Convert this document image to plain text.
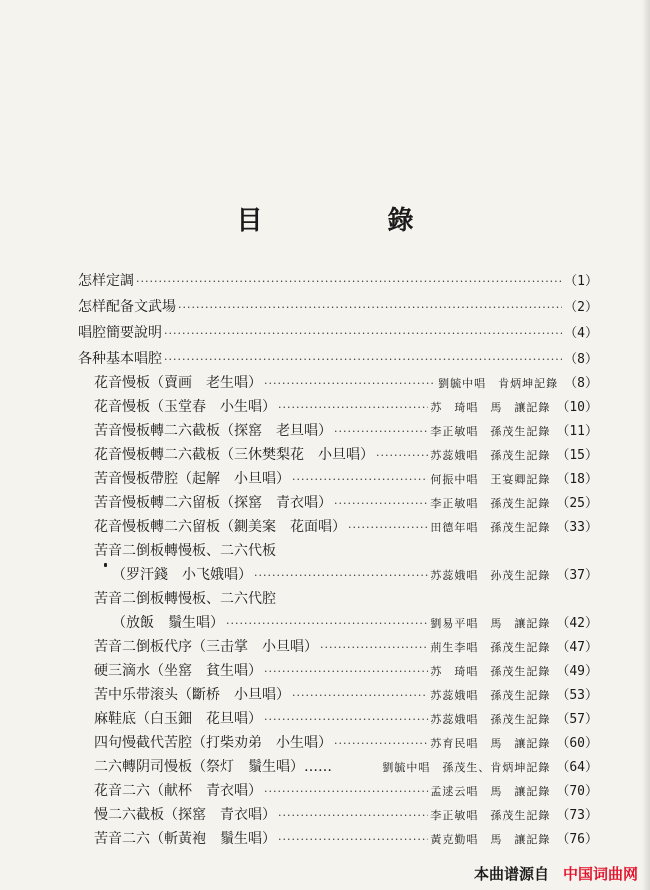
目 錄
怎样定調 ·····	（1）
怎样配备文武場 ·····	（2）
唱腔簡要說明 ·····	（4）
各种基本唱腔 ·····	（8）
花音慢板（賣画　老生唱） ·····	劉毓中唱　肯炳坤記錄 （8）
花音慢板（玉堂春　小生唱） ·····	苏　琦唱　馬　讓記錄 （10）
苦音慢板轉二六截板（探窰　老旦唱） ·····	李正敏唱　孫茂生記錄 （11）
花音慢板轉二六截板（三休樊梨花　小旦唱） ·····	苏蕊娥唱　孫茂生記錄 （15）
苦音慢板帶腔（起解　小旦唱） ·····	何振中唱　王宴卿記錄 （18）
苦音慢板轉二六留板（探窰　青衣唱） ·····	李正敏唱　孫茂生記錄 （25）
花音慢板轉二六留板（鍘美案　花面唱） ·····	田德年唱　孫茂生記錄 （33）
苦音二倒板轉慢板、二六代板
（罗汗錢　小飞娥唱） ·····	苏蕊娥唱　孙茂生記錄 （37）
苦音二倒板轉慢板、二六代腔
（放飯　鬚生唱） ·····	劉易平唱　馬　讓記錄 （42）
苦音二倒板代序（三击掌　小旦唱） ·····	荊生李唱　孫茂生記錄 （47）
硬三滴水（坐窰　貧生唱） ·····	苏　琦唱　孫茂生記錄 （49）
苦中乐带滚头（斷桥　小旦唱） ·····	苏蕊娥唱　孫茂生記錄 （53）
麻鞋底（白玉鈿　花旦唱） ·····	苏蕊娥唱　孫茂生記錄 （57）
四句慢截代苦腔（打柴劝弟　小生唱） ·····	苏育民唱　馬　讓記錄 （60）
二六轉阴司慢板（祭灯　鬚生唱）……	劉毓中唱　孫茂生、肯炳坤記錄 （64）
花音二六（献杯　青衣唱） ·····	孟逑云唱　馬　讓記錄 （70）
慢二六截板（探窰　青衣唱） ·····	李正敏唱　孫茂生記錄 （73）
苦音二六（斬黃袍　鬚生唱） ·····	黃克勤唱　馬　讓記錄 （76）
本曲谱源自 中国词曲网
